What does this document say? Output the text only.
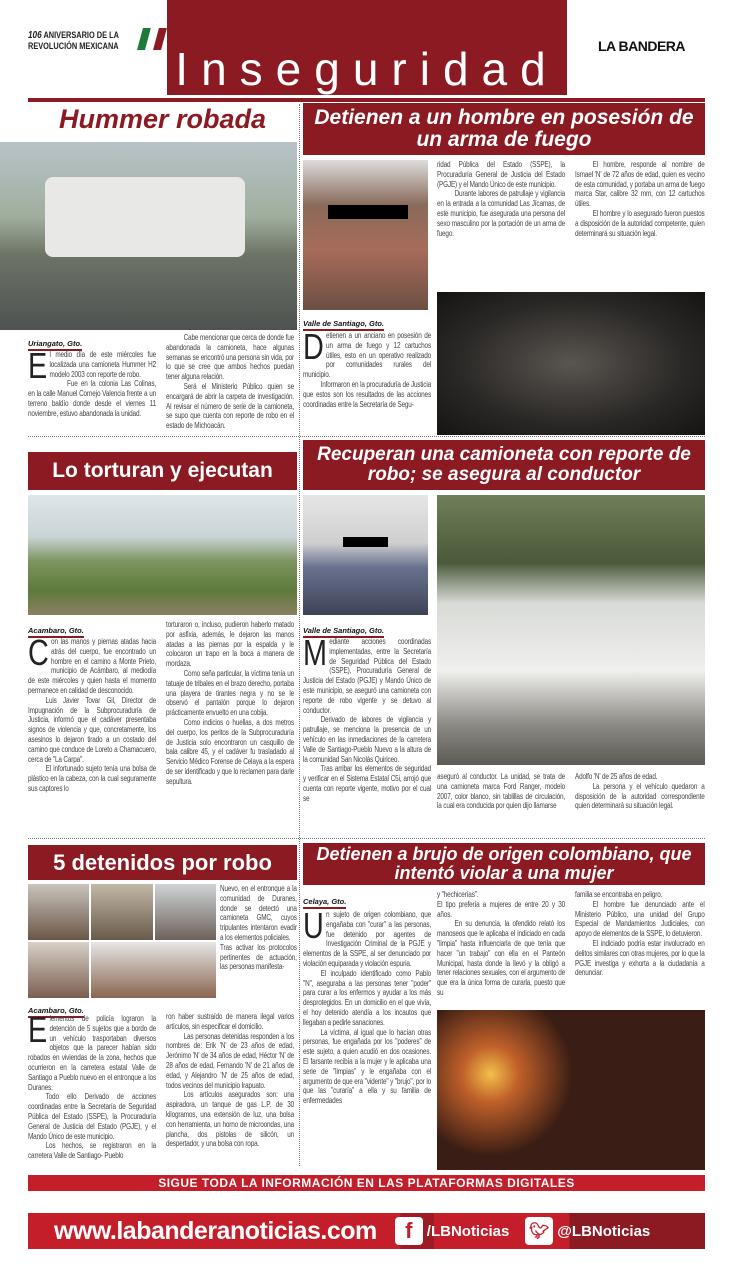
106 ANIVERSARIO DE LA
REVOLUCIÓN MEXICANA Inseguridad	LA BANDERA
Hummer robada
Uriangato, Gto.
E l medio día de este miércoles fue localizada una camioneta Hummer H2 modelo 2003 con reporte de robo.

Fue en la colonia Las Colinas, en la calle Manuel Cornejo Valencia frente a un terreno baldío donde desde el viernes 11 noviembre, estuvo abandonada la unidad.

Cabe mencionar que cerca de donde fue abandonada la camioneta, hace algunas semanas se encontró una persona sin vida, por lo que se cree que ambos hechos puedan tener alguna relación.

Será el Ministerio Público quien se encargará de abrir la carpeta de investigación. Al revisar el número de serie de la camioneta, se supo que cuenta con reporte de robo en el estado de Michoacán.

Detienen a un hombre en posesión de un arma de fuego
Valle de Santiago, Gto.
D etienen a un anciano en posesión de un arma de fuego y 12 cartuchos útiles, esto en un operativo realizado por comunidades rurales del municipio.

Informaron en la procuraduría de Justicia que estos son los resultados de las acciones coordinadas entre la Secretaría de Segu-

ridad Pública del Estado (SSPE), la Procuraduría General de Justicia del Estado (PGJE) y el Mando Único de este municipio.

Durante labores de patrullaje y vigilancia en la entrada a la comunidad Las Jícamas, de este municipio, fue asegurada una persona del sexo masculino por la portación de un arma de fuego.

El hombre, responde al nombre de Ismael 'N' de 72 años de edad, quien es vecino de esta comunidad, y portaba un arma de fuego marca Star, calibre 32 mm, con 12 cartuchos útiles.

El hombre y lo asegurado fueron puestos a disposición de la autoridad competente, quien determinará su situación legal.

Lo torturan y ejecutan
Acambaro, Gto.
C on las manos y piernas atadas hacia atrás del cuerpo, fue encontrado un hombre en el camino a Monte Prieto, municipio de Acámbaro, al mediodía de este miércoles y quien hasta el momento permanece en calidad de desconocido.

Luis Javier Tovar Gil, Director de Impugnación de la Subprocuraduría de Justicia, informó que el cadáver presentaba signos de violencia y que, concretamente, los asesinos lo dejaron tirado a un costado del camino que conduce de Loreto a Chamacuero, cerca de "La Carpa".

El infortunado sujeto tenía una bolsa de plástico en la cabeza, con la cual seguramente sus captores lo

torturaron o, incluso, pudieron haberlo matado por asfixia, además, le dejaron las manos atadas a las piernas por la espalda y le colocaron un trapo en la boca a manera de mordaza.

Como seña particular, la víctima tenía un tatuaje de tribales en el brazo derecho, portaba una playera de tirantes negra y no se le observó el pantalón porque lo dejaron prácticamente envuelto en una cobija.

Como indicios o huellas, a dos metros del cuerpo, los peritos de la Subprocuraduría de Justicia solo encontraron un casquillo de bala calibre 45, y el cadáver fu trasladado al Servicio Médico Forense de Celaya a la espera de ser identificado y que lo reclamen para darle sepultura.

Recuperan una camioneta con reporte de robo; se asegura al conductor
Valle de Santiago, Gto.
M ediante acciones coordinadas implementadas, entre la Secretaría de Seguridad Pública del Estado (SSPE), Procuraduría General de Justicia del Estado (PGJE) y Mando Único de este municipio, se aseguró una camioneta con reporte de robo vigente y se detuvo al conductor.

Derivado de labores de vigilancia y patrullaje, se menciona la presencia de un vehículo en las inmediaciones de la carretera Valle de Santiago-Pueblo Nuevo a la altura de la comunidad San Nicolás Quiriceo.

Tras arribar los elementos de seguridad y verificar en el Sistema Estatal C5i, arrojó que cuenta con reporte vigente, motivo por el cual se

aseguró al conductor. La unidad, se trata de una camioneta marca Ford Ranger, modelo 2007, color blanco, sin tablillas de circulación, la cual era conducida por quien dijo llamarse

Adolfo 'N' de 25 años de edad.

La persona y el vehículo quedaron a disposición de la autoridad correspondiente quien determinará su situación legal.

5 detenidos por robo

Nuevo, en el entronque a la comunidad de Duranes, donde se detectó una camioneta GMC, cuyos tripulantes intentaron evadir a los elementos policiales.

Tras activar los protocolos pertinentes de actuación, las personas manifesta-

Acambaro, Gto.
E lementos de policía lograron la detención de 5 sujetos que a bordo de un vehículo trasportaban diversos objetos que la parecer habían sido robados en viviendas de la zona, hechos que ocurrieron en la carretera estatal Valle de Santiago a Pueblo nuevo en el entronque a los Duranes.

Todo ello Derivado de acciones coordinadas entre la Secretaría de Seguridad Pública del Estado (SSPE), la Procuraduría General de Justicia del Estado (PGJE), y el Mando Único de este municipio.

Los hechos, se registraron en la carretera Valle de Santiago- Pueblo

ron haber sustraído de manera ilegal varios artículos, sin especificar el domicilio.

Las personas detenidas responden a los nombres de: Erik 'N' de 23 años de edad, Jerónimo 'N' de 34 años de edad, Héctor 'N' de 28 años de edad, Fernando 'N' de 21 años de edad, y Alejandro 'N' de 25 años de edad, todos vecinos del municipio Irapuato.

Los artículos asegurados son: una aspiradora, un tanque de gas L.P. de 30 kilogramos, una extensión de luz, una bolsa con herramienta, un horno de microondas, una plancha, dos pistolas de silicón, un despertador, y una bolsa con ropa.

Detienen a brujo de origen colombiano, que intentó violar a una mujer
Celaya, Gto.
U n sujeto de origen colombiano, que engañaba con "curar" a las personas, fue detenido por agentes de Investigación Criminal de la PGJE y elementos de la SSPE, al ser denunciado por violación equiparada y violación espuria.

El inculpado identificado como Pablo "N", aseguraba a las personas tener "poder" para curar a los enfermos y ayudar a los más desprotegidos. En un domicilio en el que vivía, el hoy detenido atendía a los incautos que llegaban a pedirle sanaciones.

La víctima, al igual que lo hacían otras personas, fue engañada por los "poderes" de este sujeto, a quien acudió en dos ocasiones. El farsante recibía a la mujer y le aplicaba una serie de "limpias" y le engañaba con el argumento de que era "vidente" y "brujo", por lo que las "curaría" a ella y su familia de enfermedades

y "hechicerías".

El tipo prefería a mujeres de entre 20 y 30 años.

En su denuncia, la ofendido relató los manoseos que le aplicaba el indiciado en cada "limpia" hasta influenciarla de que tenía que hacer "un trabajo" con ella en el Panteón Municipal, hasta donde la llevó y la obligó a tener relaciones sexuales, con el argumento de que era la única forma de curarla, puesto que su

familia se encontraba en peligro.

El hombre fue denunciado ante el Ministerio Público, una unidad del Grupo Especial de Mandamientos Judiciales, con apoyo de elementos de la SSPE, lo detuvieron.

El indiciado podría estar involucrado en delitos similares con otras mujeres, por lo que la PGJE investiga y exhorta a la ciudadanía a denunciar.

SIGUE TODA LA INFORMACIÓN EN LAS PLATAFORMAS DIGITALES
www.labanderanoticias.com	f /LBNoticias 🐦︎ @LBNoticias
